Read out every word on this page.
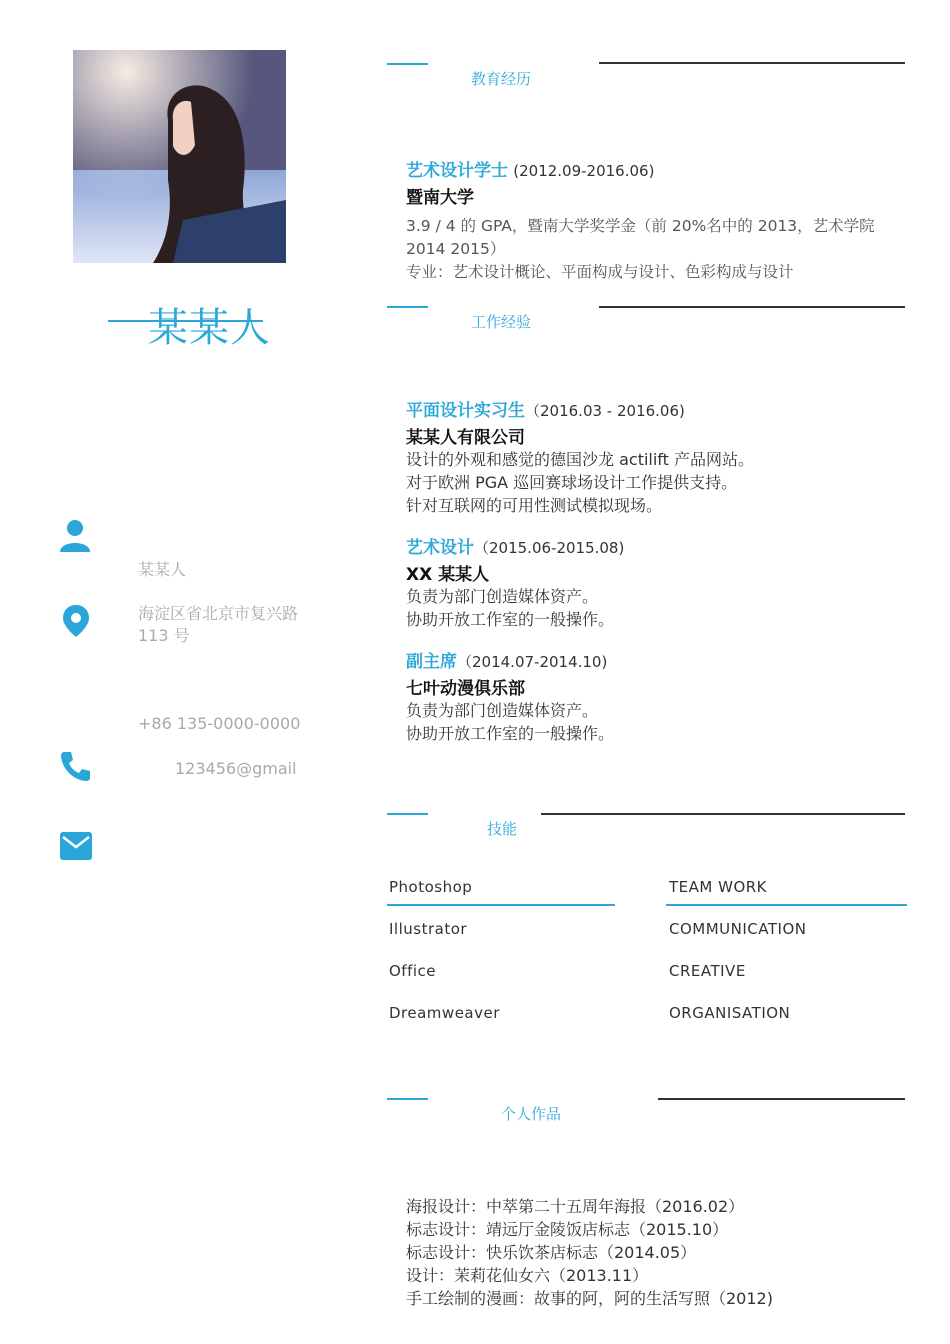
某某人
某某人
海淀区省北京市复兴路
113 号
+86 135-0000-0000
123456@gmail
教育经历
艺术设计学士 (2012.09-2016.06)
暨南大学
3.9 / 4 的 GPA，暨南大学奖学金（前 20%名中的 2013，艺术学院
2014 2015）
专业：艺术设计概论、平面构成与设计、色彩构成与设计
工作经验
平面设计实习生（2016.03 - 2016.06)
某某人有限公司
设计的外观和感觉的德国沙龙 actilift 产品网站。
对于欧洲 PGA 巡回赛球场设计工作提供支持。
针对互联网的可用性测试模拟现场。
艺术设计（2015.06-2015.08)
XX 某某人
负责为部门创造媒体资产。
协助开放工作室的一般操作。
副主席（2014.07-2014.10)
七叶动漫俱乐部
负责为部门创造媒体资产。
协助开放工作室的一般操作。
技能
Photoshop
Illustrator
Office
Dreamweaver
TEAM WORK
COMMUNICATION
CREATIVE
ORGANISATION
个人作品
海报设计：中萃第二十五周年海报（2016.02）
标志设计：靖远厅金陵饭店标志（2015.10）
标志设计：快乐饮茶店标志（2014.05）
设计：茉莉花仙女六（2013.11）
手工绘制的漫画：故事的阿，阿的生活写照（2012)
